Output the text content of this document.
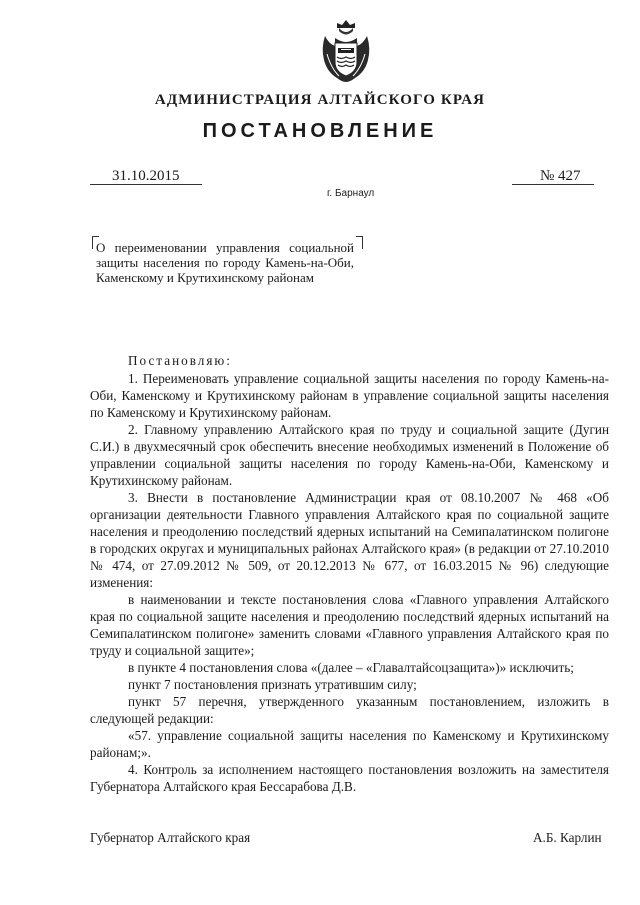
АДМИНИСТРАЦИЯ АЛТАЙСКОГО КРАЯ
ПОСТАНОВЛЕНИЕ
31.10.2015	№ 427
г. Барнаул
О переименовании управления социальной защиты населения по городу Камень-на-Оби, Каменскому и Крутихинскому районам

Постановляю:

1. Переименовать управление социальной защиты населения по городу Камень-на-Оби, Каменскому и Крутихинскому районам в управление социальной защиты населения по Каменскому и Крутихинскому районам.

2. Главному управлению Алтайского края по труду и социальной защите (Дугин С.И.) в двухмесячный срок обеспечить внесение необходимых изменений в Положение об управлении социальной защиты населения по городу Камень-на-Оби, Каменскому и Крутихинскому районам.

3. Внести в постановление Администрации края от 08.10.2007 № 468 «Об организации деятельности Главного управления Алтайского края по социальной защите населения и преодолению последствий ядерных испытаний на Семипалатинском полигоне в городских округах и муниципальных районах Алтайского края» (в редакции от 27.10.2010 № 474, от 27.09.2012 № 509, от 20.12.2013 № 677, от 16.03.2015 № 96) следующие изменения:

в наименовании и тексте постановления слова «Главного управления Алтайского края по социальной защите населения и преодолению последствий ядерных испытаний на Семипалатинском полигоне» заменить словами «Главного управления Алтайского края по труду и социальной защите»;

в пункте 4 постановления слова «(далее – «Главалтайсоцзащита»)» исключить;

пункт 7 постановления признать утратившим силу;

пункт 57 перечня, утвержденного указанным постановлением, изложить в следующей редакции:

«57. управление социальной защиты населения по Каменскому и Крутихинскому районам;».

4. Контроль за исполнением настоящего постановления возложить на заместителя Губернатора Алтайского края Бессарабова Д.В.

Губернатор Алтайского края	А.Б. Карлин
